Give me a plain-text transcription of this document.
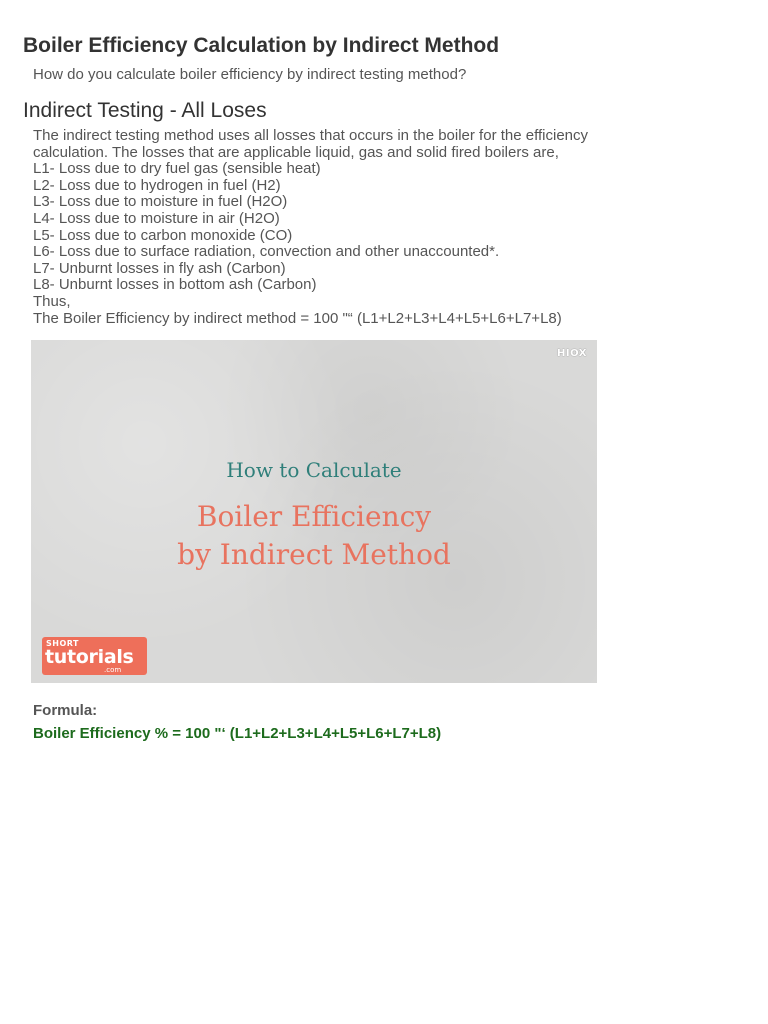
Boiler Efficiency Calculation by Indirect Method

How do you calculate boiler efficiency by indirect testing method?

Indirect Testing - All Loses
The indirect testing method uses all losses that occurs in the boiler for the efficiency
calculation. The losses that are applicable liquid, gas and solid fired boilers are,
L1- Loss due to dry fuel gas (sensible heat)
L2- Loss due to hydrogen in fuel (H2)
L3- Loss due to moisture in fuel (H2O)
L4- Loss due to moisture in air (H2O)
L5- Loss due to carbon monoxide (CO)
L6- Loss due to surface radiation, convection and other unaccounted*.
L7- Unburnt losses in fly ash (Carbon)
L8- Unburnt losses in bottom ash (Carbon)
Thus,
The Boiler Efficiency by indirect method = 100 "“ (L1+L2+L3+L4+L5+L6+L7+L8)
HIOX
How to Calculate
Boiler Efficiency
by Indirect Method
SHORT
tutorials
.com

Formula:

Boiler Efficiency % = 100 "‘ (L1+L2+L3+L4+L5+L6+L7+L8)
